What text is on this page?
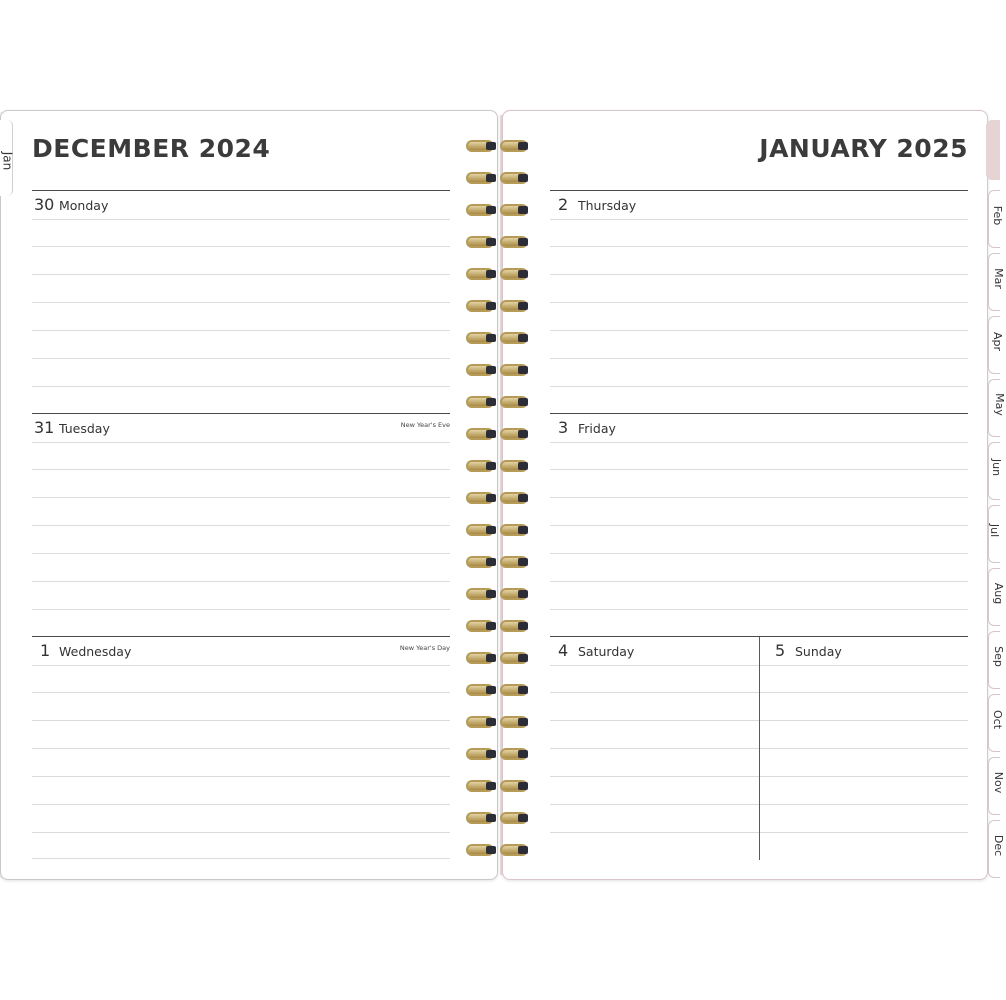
Jan DECEMBER 2024
30 Monday
31 Tuesday	New Year's Eve
1 Wednesday	New Year's Day
JANUARY 2025
2 Thursday
3 Friday
4 Saturday	5 Sunday
Feb
Mar
Apr
May
Jun
Jul
Aug
Sep
Oct
Nov
Dec
